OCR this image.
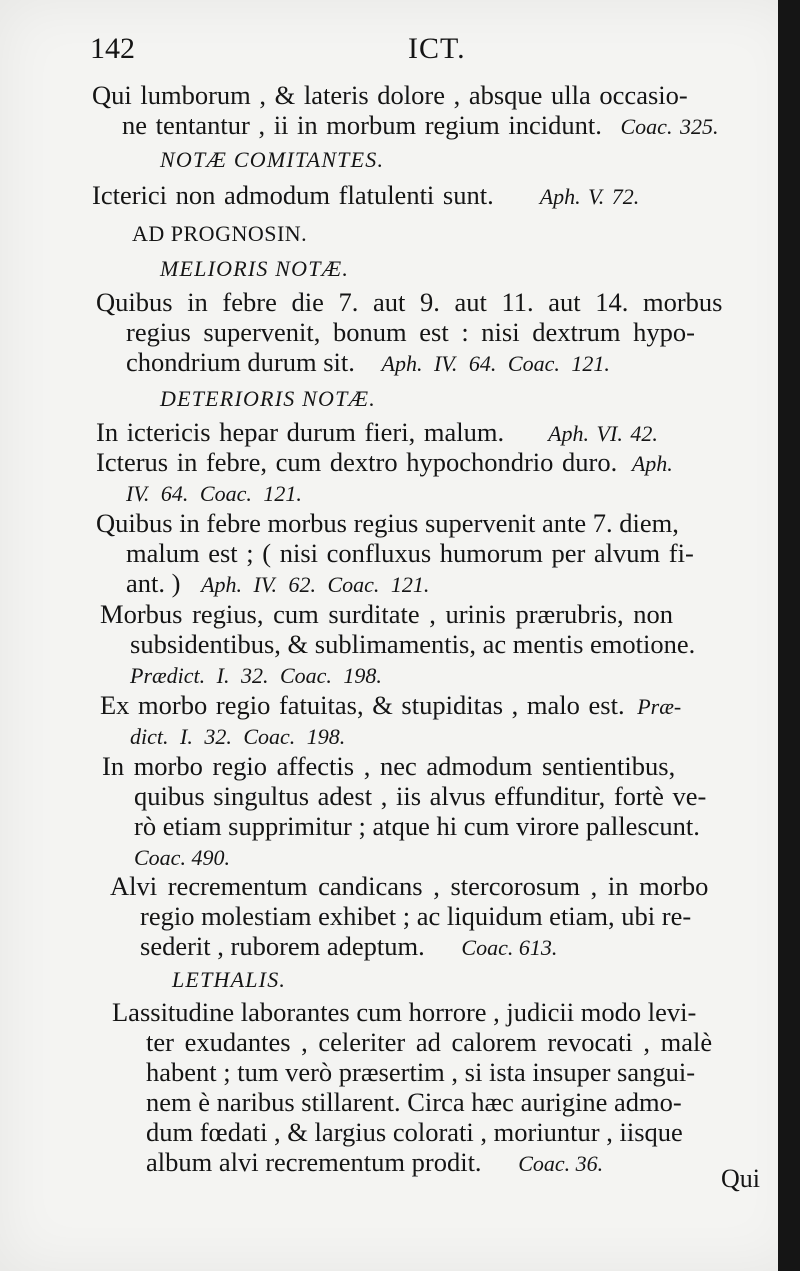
142	ICT.
Qui lumborum , & lateris dolore , absque ulla occasio-
ne tentantur , ii in morbum regium incidunt. Coac. 325.
NOTÆ COMITANTES.
Icterici non admodum flatulenti sunt. Aph. V. 72.
AD PROGNOSIN.
MELIORIS NOTÆ.
Quibus in febre die 7. aut 9. aut 11. aut 14. morbus
regius supervenit, bonum est : nisi dextrum hypo-
chondrium durum sit. Aph. IV. 64. Coac. 121.
DETERIORIS NOTÆ.
In ictericis hepar durum fieri, malum. Aph. VI. 42.
Icterus in febre, cum dextro hypochondrio duro. Aph.
IV. 64. Coac. 121.
Quibus in febre morbus regius supervenit ante 7. diem,
malum est ; ( nisi confluxus humorum per alvum fi-
ant. ) Aph. IV. 62. Coac. 121.
Morbus regius, cum surditate , urinis prærubris, non
subsidentibus, & sublimamentis, ac mentis emotione.
Prædict. I. 32. Coac. 198.
Ex morbo regio fatuitas, & stupiditas , malo est. Præ-
dict. I. 32. Coac. 198.
In morbo regio affectis , nec admodum sentientibus,
quibus singultus adest , iis alvus effunditur, fortè ve-
rò etiam supprimitur ; atque hi cum virore pallescunt.
Coac. 490.
Alvi recrementum candicans , stercorosum , in morbo
regio molestiam exhibet ; ac liquidum etiam, ubi re-
sederit , ruborem adeptum. Coac. 613.
LETHALIS.
Lassitudine laborantes cum horrore , judicii modo levi-
ter exudantes , celeriter ad calorem revocati , malè
habent ; tum verò præsertim , si ista insuper sangui-
nem è naribus stillarent. Circa hæc aurigine admo-
dum fœdati , & largius colorati , moriuntur , iisque
album alvi recrementum prodit. Coac. 36.
Qui
